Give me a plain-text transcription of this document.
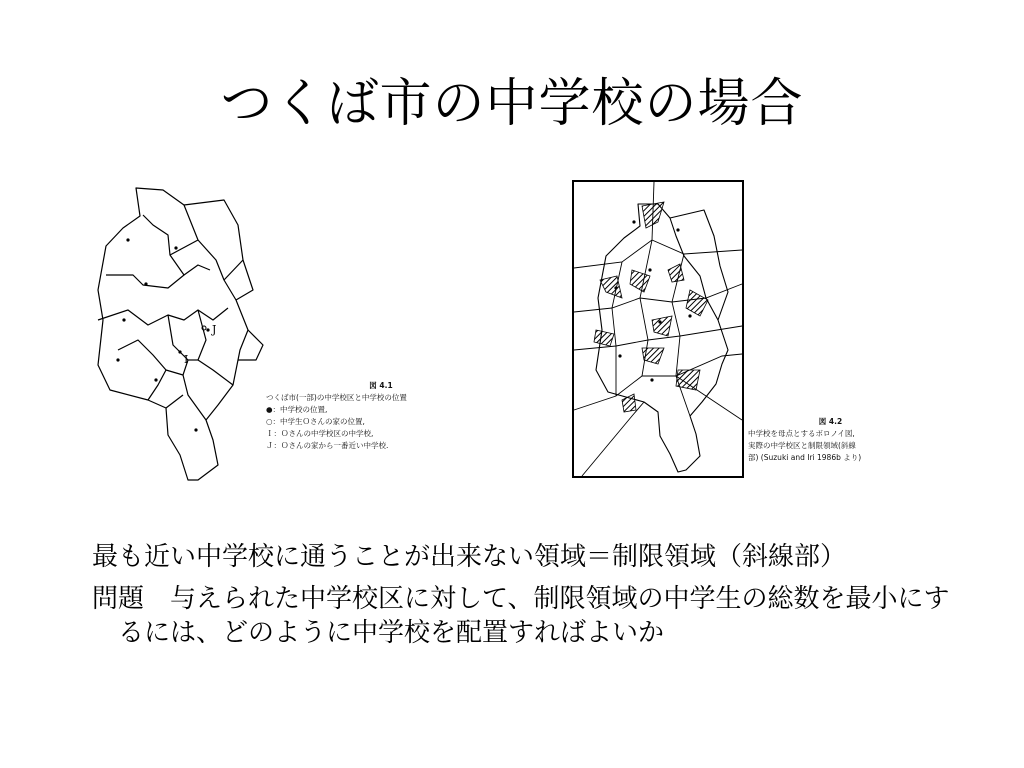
つくば市の中学校の場合
I
J
図 4.1
つくば市(一部)の中学校区と中学校の位置
●：中学校の位置,
○：中学生Ｏさんの家の位置,
Ｉ：Ｏさんの中学校区の中学校,
Ｊ：Ｏさんの家から一番近い中学校.
図 4.2
中学校を母点とするボロノイ図,
実際の中学校区と制限領域(斜線
部) (Suzuki and Iri 1986b より)

最も近い中学校に通うことが出来ない領域＝制限領域（斜線部）

問題　与えられた中学校区に対して、制限領域の中学生の総数を最小にするには、どのように中学校を配置すればよいか
